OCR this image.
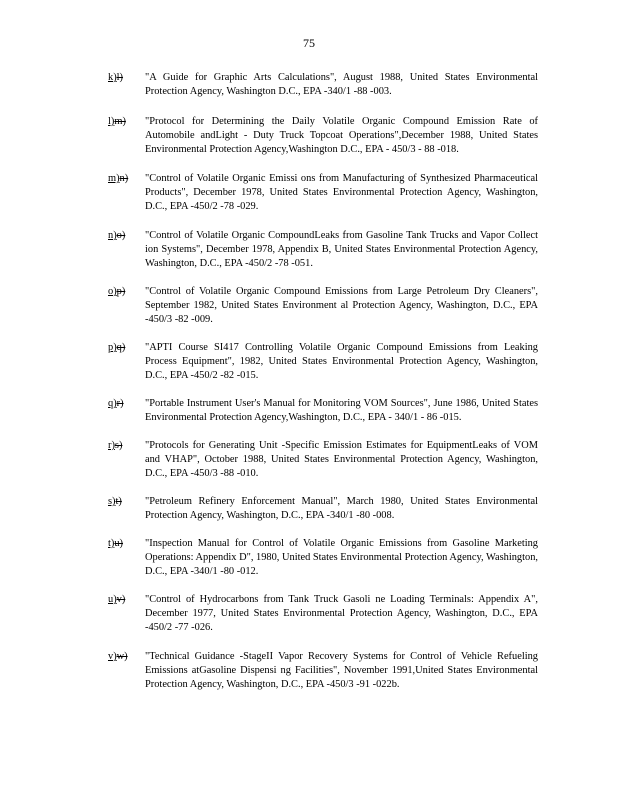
75
k)l)	"A Guide for Graphic Arts Calculations", August 1988, United States Environmental Protection Agency, Washington D.C., EPA -340/1 -88 -003.
l)m)	"Protocol for Determining the Daily Volatile Organic Compound Emission Rate of Automobile andLight - Duty Truck Topcoat Operations",December 1988, United States Environmental Protection Agency,Washington D.C., EPA - 450/3 - 88 -018.
m)n)	"Control of Volatile Organic Emissi ons from Manufacturing of Synthesized Pharmaceutical Products", December 1978, United States Environmental Protection Agency, Washington, D.C., EPA -450/2 -78 -029.
n)o)	"Control of Volatile Organic CompoundLeaks from Gasoline Tank Trucks and Vapor Collect ion Systems", December 1978, Appendix B, United States Environmental Protection Agency, Washington, D.C., EPA -450/2 -78 -051.
o)p)	"Control of Volatile Organic Compound Emissions from Large Petroleum Dry Cleaners", September 1982, United States Environment al Protection Agency, Washington, D.C., EPA -450/3 -82 -009.
p)q)	"APTI Course SI417 Controlling Volatile Organic Compound Emissions from Leaking Process Equipment", 1982, United States Environmental Protection Agency, Washington, D.C., EPA -450/2 -82 -015.
q)r)	"Portable Instrument User's Manual for Monitoring VOM Sources", June 1986, United States Environmental Protection Agency,Washington, D.C., EPA - 340/1 - 86 -015.
r)s)	"Protocols for Generating Unit -Specific Emission Estimates for EquipmentLeaks of VOM and VHAP", October 1988, United States Environmental Protection Agency, Washington, D.C., EPA -450/3 -88 -010.
s)t)	"Petroleum Refinery Enforcement Manual", March 1980, United States Environmental Protection Agency, Washington, D.C., EPA -340/1 -80 -008.
t)u)	"Inspection Manual for Control of Volatile Organic Emissions from Gasoline Marketing Operations: Appendix D", 1980, United States Environmental Protection Agency, Washington, D.C., EPA -340/1 -80 -012.
u)v)	"Control of Hydrocarbons from Tank Truck Gasoli ne Loading Terminals: Appendix A", December 1977, United States Environmental Protection Agency, Washington, D.C., EPA -450/2 -77 -026.
v)w)	"Technical Guidance -StageII Vapor Recovery Systems for Control of Vehicle Refueling Emissions atGasoline Dispensi ng Facilities", November 1991,United States Environmental Protection Agency, Washington, D.C., EPA -450/3 -91 -022b.
